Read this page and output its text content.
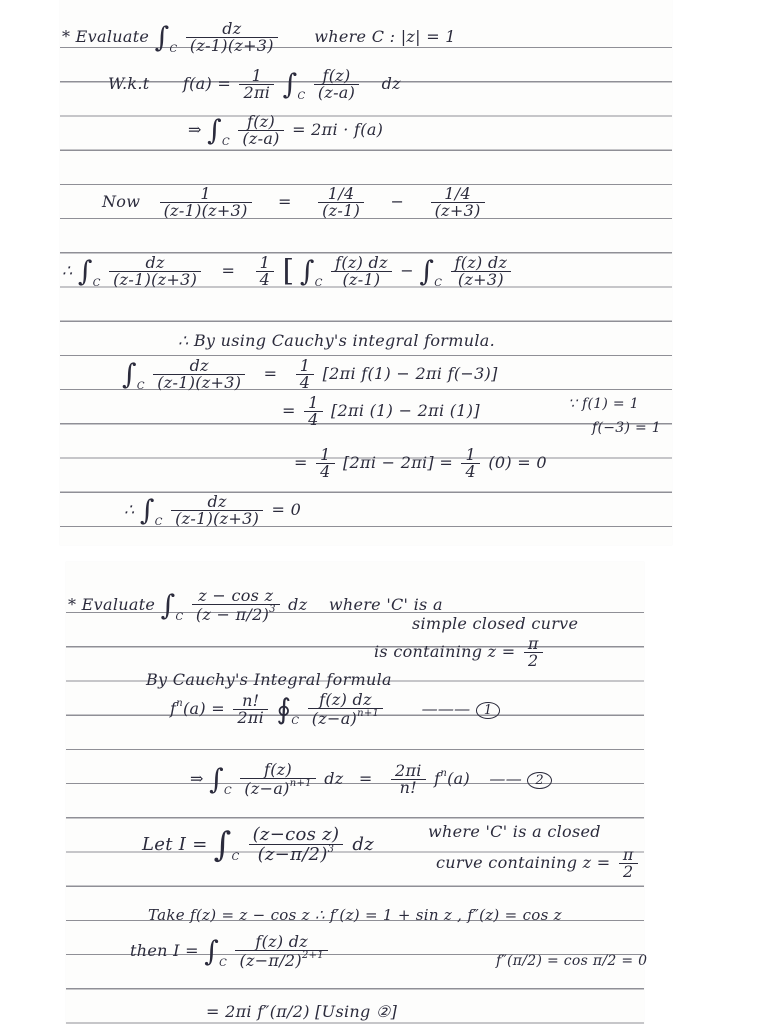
* Evaluate $\int_C \frac{dz}{(z-1)(z+3)}$ where C : |z| = 1
W.k.t $f(a) = \frac{1}{2\pi i} \int_C \frac{f(z)}{(z-a)}$ dz
⇒ $\int_C \frac{f(z)}{(z-a)} = 2\pi i \cdot f(a)$
Now $\frac{1}{(z-1)(z+3)} = \frac{1/4}{(z-1)} - \frac{1/4}{(z+3)}$
∴ $\int_C \frac{dz}{(z-1)(z+3)} = \frac{1}{4}$ [ $\int_C \frac{f(z) dz}{(z-1)} - \int_C \frac{f(z) dz}{(z+3)}$
∴ By using Cauchy's integral formula.
$\int_C \frac{dz}{(z-1)(z+3)} = \frac{1}{4} [2\pi i$ f(1) − 2πi f(−3)]
= $\frac{1}{4} [2\pi i$ (1) − 2πi (1)]	∵ f(1) = 1
f(−3) = 1
= $\frac{1}{4} [2\pi i - 2\pi i] = \frac{1}{4} (0) = 0$
∴ $\int_C \frac{dz}{(z-1)(z+3)} = 0$
* Evaluate $\int_C \frac{\text{z − cos z}}{(z - \pi/2)^3}$ dz where 'C' is a
simple closed curve
is containing $z = \frac{\pi}{2}$
By Cauchy's Integral formula
$f^n(a) = \frac{n!}{2\pi i}$ $∮_C \frac{f(z) dz}{(z-a)^{n+1}}$ ——— 1
⇒ $\int_C \frac{f(z)}{(z-a)^{n+1}}$ dz = $\frac{2\pi i}{n!} f^n(a)$ —— 2
Let $I = \int_C \frac{\text{(z−cos z)}}{(z-\pi/2)^3}$ dz
where 'C' is a closed
curve containing $z = \frac{\pi}{2}$
Take f(z) = z − cos z ∴ f′(z) = 1 + sin z , f″(z) = cos z
then $I = \int_C \frac{f(z) dz}{(z-\pi/2)^{2+1}}$	f″(π/2) = cos π/2 = 0
= 2πi f″(π/2) [Using ②]
